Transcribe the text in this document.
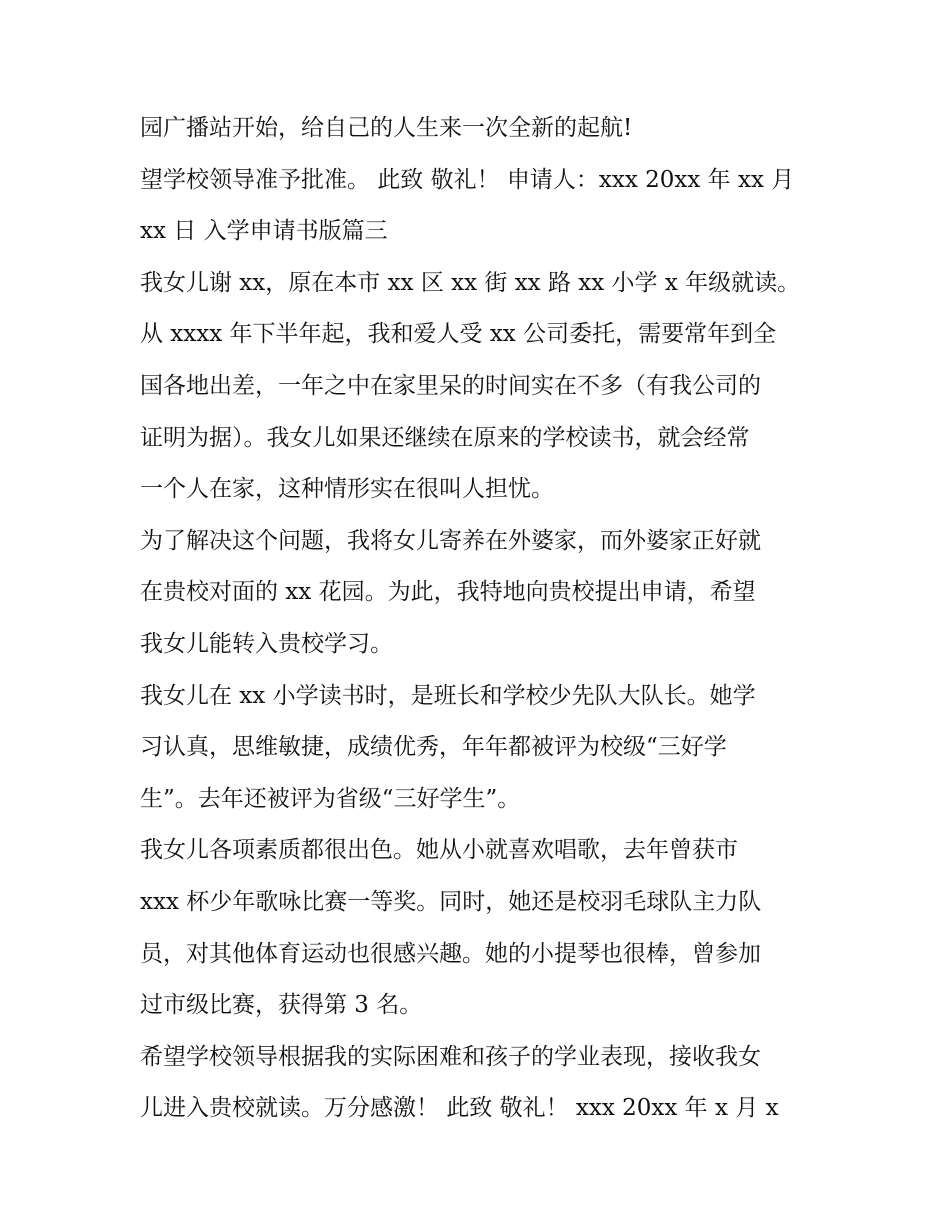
园广播站开始，给自己的人生来一次全新的起航!
望学校领导准予批准。 此致 敬礼！ 申请人：xxx 20xx 年 xx 月
xx 日 入学申请书版篇三
我女儿谢 xx，原在本市 xx 区 xx 街 xx 路 xx 小学 x 年级就读。
从 xxxx 年下半年起，我和爱人受 xx 公司委托，需要常年到全
国各地出差，一年之中在家里呆的时间实在不多（有我公司的
证明为据）。我女儿如果还继续在原来的学校读书，就会经常
一个人在家，这种情形实在很叫人担忧。
为了解决这个问题，我将女儿寄养在外婆家，而外婆家正好就
在贵校对面的 xx 花园。为此，我特地向贵校提出申请，希望
我女儿能转入贵校学习。
我女儿在 xx 小学读书时，是班长和学校少先队大队长。她学
习认真，思维敏捷，成绩优秀，年年都被评为校级“三好学
生”。去年还被评为省级“三好学生”。
我女儿各项素质都很出色。她从小就喜欢唱歌，去年曾获市
xxx 杯少年歌咏比赛一等奖。同时，她还是校羽毛球队主力队
员，对其他体育运动也很感兴趣。她的小提琴也很棒，曾参加
过市级比赛，获得第 3 名。
希望学校领导根据我的实际困难和孩子的学业表现，接收我女
儿进入贵校就读。万分感激！ 此致 敬礼！ xxx 20xx 年 x 月 x
